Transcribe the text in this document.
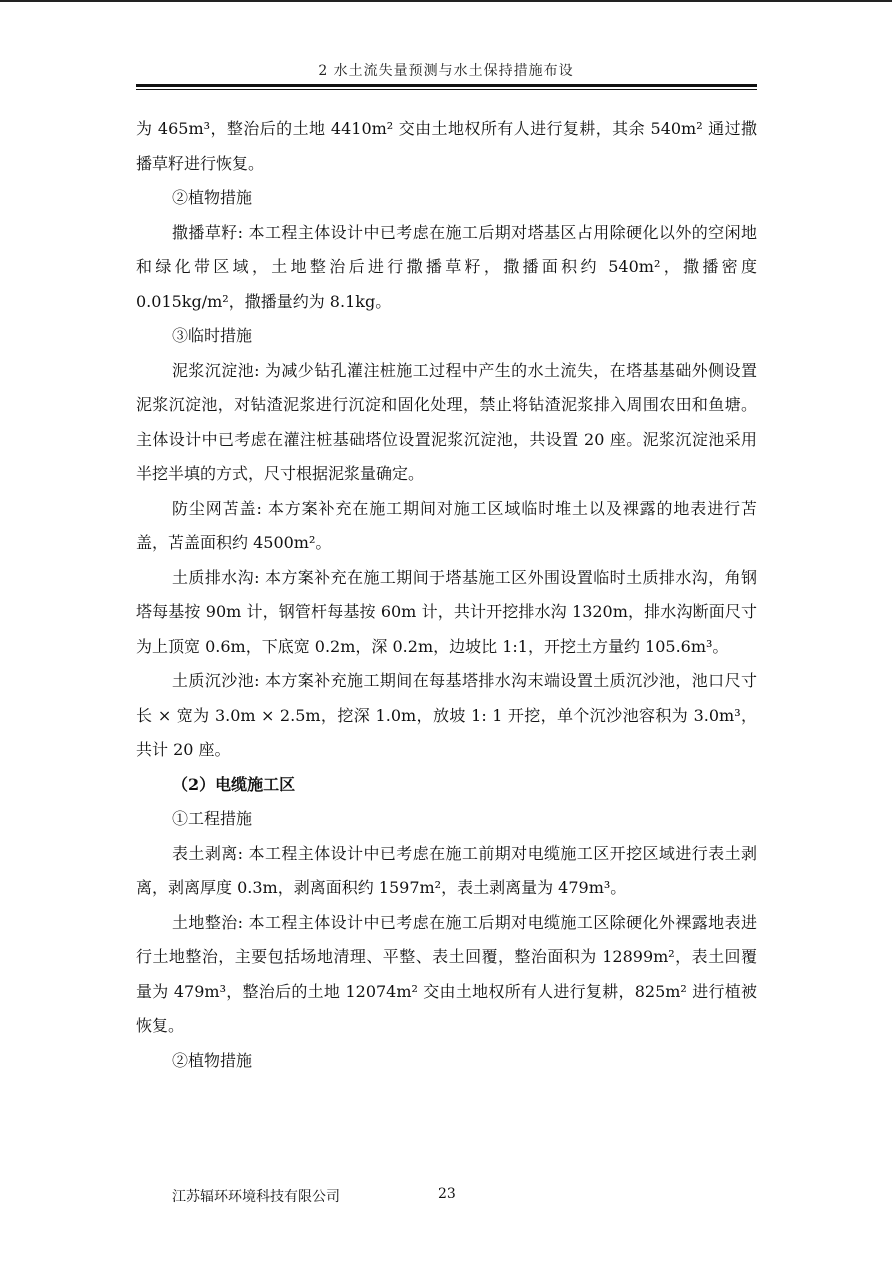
2 水土流失量预测与水土保持措施布设

为 465m³，整治后的土地 4410m² 交由土地权所有人进行复耕，其余 540m² 通过撒播草籽进行恢复。

②植物措施

撒播草籽: 本工程主体设计中已考虑在施工后期对塔基区占用除硬化以外的空闲地和绿化带区域，土地整治后进行撒播草籽，撒播面积约 540m²，撒播密度 0.015kg/m²，撒播量约为 8.1kg。

③临时措施

泥浆沉淀池: 为减少钻孔灌注桩施工过程中产生的水土流失，在塔基基础外侧设置泥浆沉淀池，对钻渣泥浆进行沉淀和固化处理，禁止将钻渣泥浆排入周围农田和鱼塘。主体设计中已考虑在灌注桩基础塔位设置泥浆沉淀池，共设置 20 座。泥浆沉淀池采用半挖半填的方式，尺寸根据泥浆量确定。

防尘网苫盖: 本方案补充在施工期间对施工区域临时堆土以及裸露的地表进行苫盖，苫盖面积约 4500m²。

土质排水沟: 本方案补充在施工期间于塔基施工区外围设置临时土质排水沟，角钢塔每基按 90m 计，钢管杆每基按 60m 计，共计开挖排水沟 1320m，排水沟断面尺寸为上顶宽 0.6m，下底宽 0.2m，深 0.2m，边坡比 1:1，开挖土方量约 105.6m³。

土质沉沙池: 本方案补充施工期间在每基塔排水沟末端设置土质沉沙池，池口尺寸长 × 宽为 3.0m × 2.5m，挖深 1.0m，放坡 1: 1 开挖，单个沉沙池容积为 3.0m³，共计 20 座。

（2）电缆施工区

①工程措施

表土剥离: 本工程主体设计中已考虑在施工前期对电缆施工区开挖区域进行表土剥离，剥离厚度 0.3m，剥离面积约 1597m²，表土剥离量为 479m³。

土地整治: 本工程主体设计中已考虑在施工后期对电缆施工区除硬化外裸露地表进行土地整治，主要包括场地清理、平整、表土回覆，整治面积为 12899m²，表土回覆量为 479m³，整治后的土地 12074m² 交由土地权所有人进行复耕，825m² 进行植被恢复。

②植物措施

江苏辐环环境科技有限公司	23
